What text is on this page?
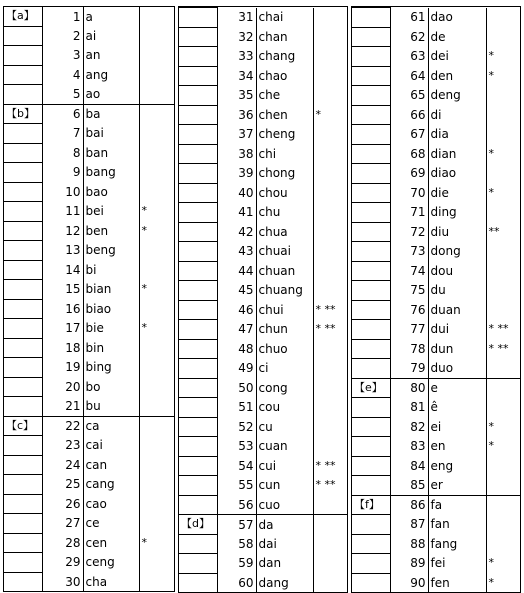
【a】	1	a	
	2	ai	
	3	an	
	4	ang	
	5	ao	
【b】	6	ba	
	7	bai	
	8	ban	
	9	bang	
	10	bao	
	11	bei	*
	12	ben	*
	13	beng	
	14	bi	
	15	bian	*
	16	biao	
	17	bie	*
	18	bin	
	19	bing	
	20	bo	
	21	bu	
【c】	22	ca	
	23	cai	
	24	can	
	25	cang	
	26	cao	
	27	ce	
	28	cen	*
	29	ceng	
	30	cha	
	31	chai	
	32	chan	
	33	chang	
	34	chao	
	35	che	
	36	chen	*
	37	cheng	
	38	chi	
	39	chong	
	40	chou	
	41	chu	
	42	chua	
	43	chuai	
	44	chuan	
	45	chuang	
	46	chui	* **
	47	chun	* **
	48	chuo	
	49	ci	
	50	cong	
	51	cou	
	52	cu	
	53	cuan	
	54	cui	* **
	55	cun	* **
	56	cuo	
【d】	57	da	
	58	dai	
	59	dan	
	60	dang	
	61	dao	
	62	de	
	63	dei	*
	64	den	*
	65	deng	
	66	di	
	67	dia	
	68	dian	*
	69	diao	
	70	die	*
	71	ding	
	72	diu	**
	73	dong	
	74	dou	
	75	du	
	76	duan	
	77	dui	* **
	78	dun	* **
	79	duo	
【e】	80	e	
	81	ê	
	82	ei	*
	83	en	*
	84	eng	
	85	er	
【f】	86	fa	
	87	fan	
	88	fang	
	89	fei	*
	90	fen	*
